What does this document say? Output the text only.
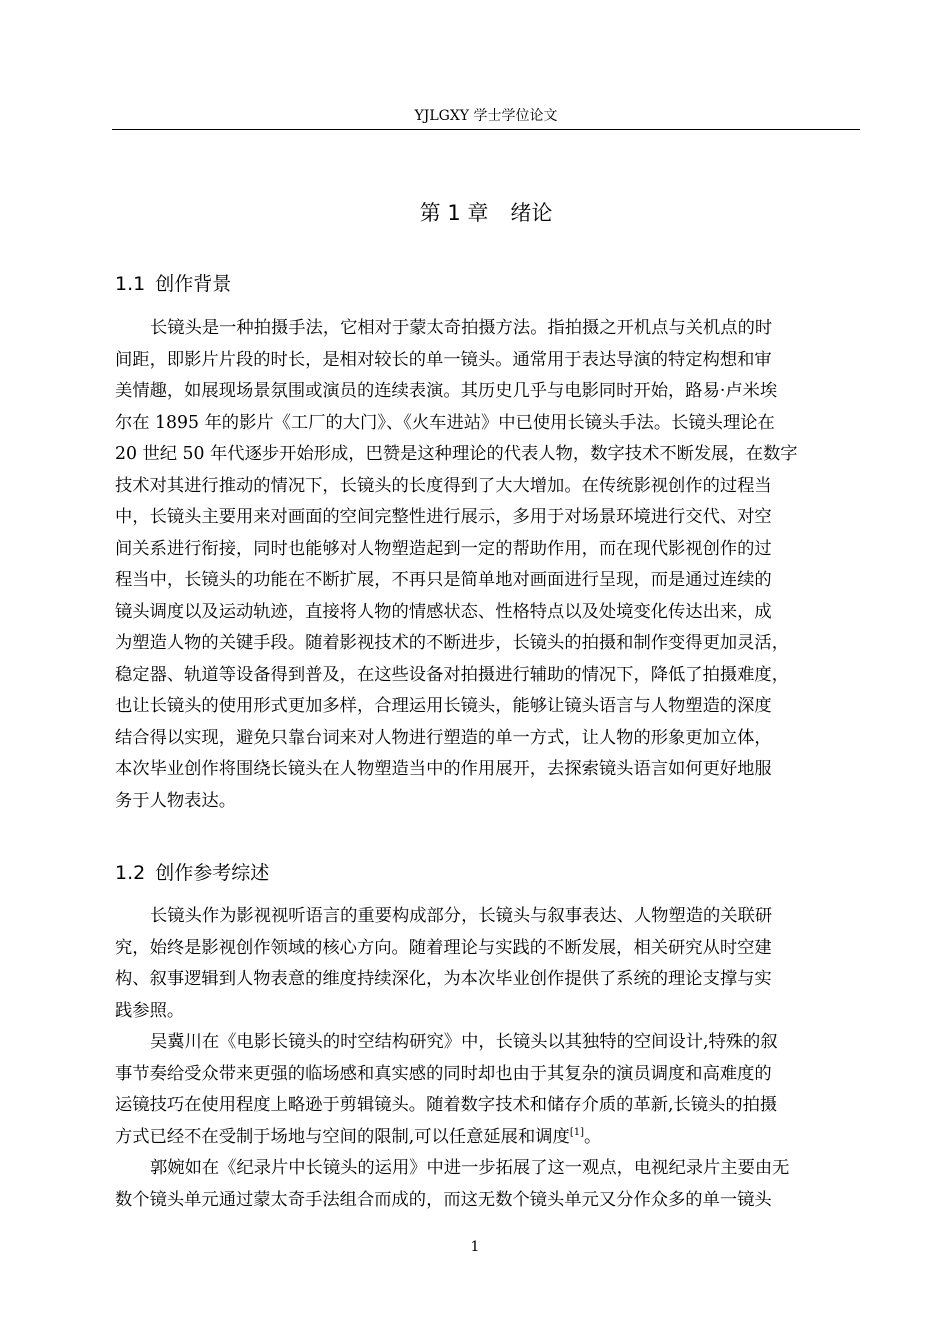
YJLGXY 学士学位论文
第 1 章 绪论
1.1 创作背景
长镜头是一种拍摄手法，它相对于蒙太奇拍摄方法。指拍摄之开机点与关机点的时
间距，即影片片段的时长，是相对较长的单一镜头。通常用于表达导演的特定构想和审
美情趣，如展现场景氛围或演员的连续表演。其历史几乎与电影同时开始，路易·卢米埃
尔在 1895 年的影片《工厂的大门》、《火车进站》中已使用长镜头手法。长镜头理论在
20 世纪 50 年代逐步开始形成，巴赞是这种理论的代表人物，数字技术不断发展，在数字
技术对其进行推动的情况下，长镜头的长度得到了大大增加。在传统影视创作的过程当
中，长镜头主要用来对画面的空间完整性进行展示，多用于对场景环境进行交代、对空
间关系进行衔接，同时也能够对人物塑造起到一定的帮助作用，而在现代影视创作的过
程当中，长镜头的功能在不断扩展，不再只是简单地对画面进行呈现，而是通过连续的
镜头调度以及运动轨迹，直接将人物的情感状态、性格特点以及处境变化传达出来，成
为塑造人物的关键手段。随着影视技术的不断进步，长镜头的拍摄和制作变得更加灵活，
稳定器、轨道等设备得到普及，在这些设备对拍摄进行辅助的情况下，降低了拍摄难度，
也让长镜头的使用形式更加多样，合理运用长镜头，能够让镜头语言与人物塑造的深度
结合得以实现，避免只靠台词来对人物进行塑造的单一方式，让人物的形象更加立体，
本次毕业创作将围绕长镜头在人物塑造当中的作用展开，去探索镜头语言如何更好地服
务于人物表达。
1.2 创作参考综述
长镜头作为影视视听语言的重要构成部分，长镜头与叙事表达、人物塑造的关联研
究，始终是影视创作领域的核心方向。随着理论与实践的不断发展，相关研究从时空建
构、叙事逻辑到人物表意的维度持续深化，为本次毕业创作提供了系统的理论支撑与实
践参照。
吴冀川在《电影长镜头的时空结构研究》中，长镜头以其独特的空间设计,特殊的叙
事节奏给受众带来更强的临场感和真实感的同时却也由于其复杂的演员调度和高难度的
运镜技巧在使用程度上略逊于剪辑镜头。随着数字技术和储存介质的革新,长镜头的拍摄
方式已经不在受制于场地与空间的限制,可以任意延展和调度[1]。
郭婉如在《纪录片中长镜头的运用》中进一步拓展了这一观点，电视纪录片主要由无
数个镜头单元通过蒙太奇手法组合而成的，而这无数个镜头单元又分作众多的单一镜头
1
